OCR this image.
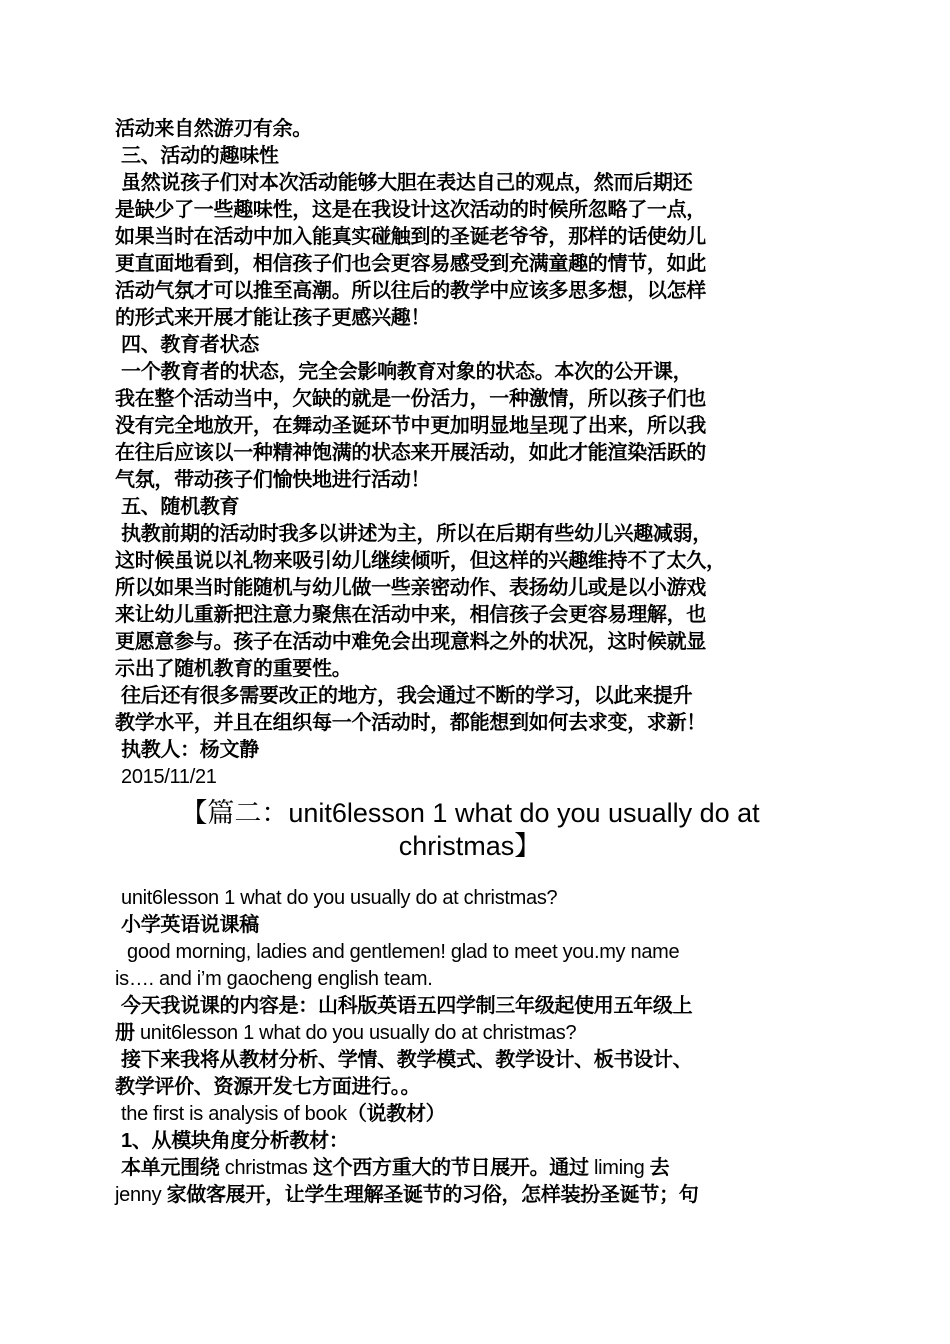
活动来自然游刃有余。

三、活动的趣味性

虽然说孩子们对本次活动能够大胆在表达自己的观点，然而后期还

是缺少了一些趣味性，这是在我设计这次活动的时候所忽略了一点，

如果当时在活动中加入能真实碰触到的圣诞老爷爷，那样的话使幼儿

更直面地看到，相信孩子们也会更容易感受到充满童趣的情节，如此

活动气氛才可以推至高潮。所以往后的教学中应该多思多想，以怎样

的形式来开展才能让孩子更感兴趣！

四、教育者状态

一个教育者的状态，完全会影响教育对象的状态。本次的公开课，

我在整个活动当中，欠缺的就是一份活力，一种激情，所以孩子们也

没有完全地放开，在舞动圣诞环节中更加明显地呈现了出来，所以我

在往后应该以一种精神饱满的状态来开展活动，如此才能渲染活跃的

气氛，带动孩子们愉快地进行活动！

五、随机教育

执教前期的活动时我多以讲述为主，所以在后期有些幼儿兴趣减弱，

这时候虽说以礼物来吸引幼儿继续倾听，但这样的兴趣维持不了太久，

所以如果当时能随机与幼儿做一些亲密动作、表扬幼儿或是以小游戏

来让幼儿重新把注意力聚焦在活动中来，相信孩子会更容易理解，也

更愿意参与。孩子在活动中难免会出现意料之外的状况，这时候就显

示出了随机教育的重要性。

往后还有很多需要改正的地方，我会通过不断的学习，以此来提升

教学水平，并且在组织每一个活动时，都能想到如何去求变，求新！

执教人：杨文静

2015/11/21

【篇二：unit6lesson 1 what do you usually do at
christmas】

unit6lesson 1 what do you usually do at christmas?

小学英语说课稿

good morning, ladies and gentlemen! glad to meet you.my name

is…. and i’m gaocheng english team.

今天我说课的内容是：山科版英语五四学制三年级起使用五年级上

册 unit6lesson 1 what do you usually do at christmas?

接下来我将从教材分析、学情、教学模式、教学设计、板书设计、

教学评价、资源开发七方面进行。。

the first is analysis of book（说教材）

1、从模块角度分析教材：

本单元围绕 christmas 这个西方重大的节日展开。通过 liming 去

jenny 家做客展开，让学生理解圣诞节的习俗，怎样装扮圣诞节；句
